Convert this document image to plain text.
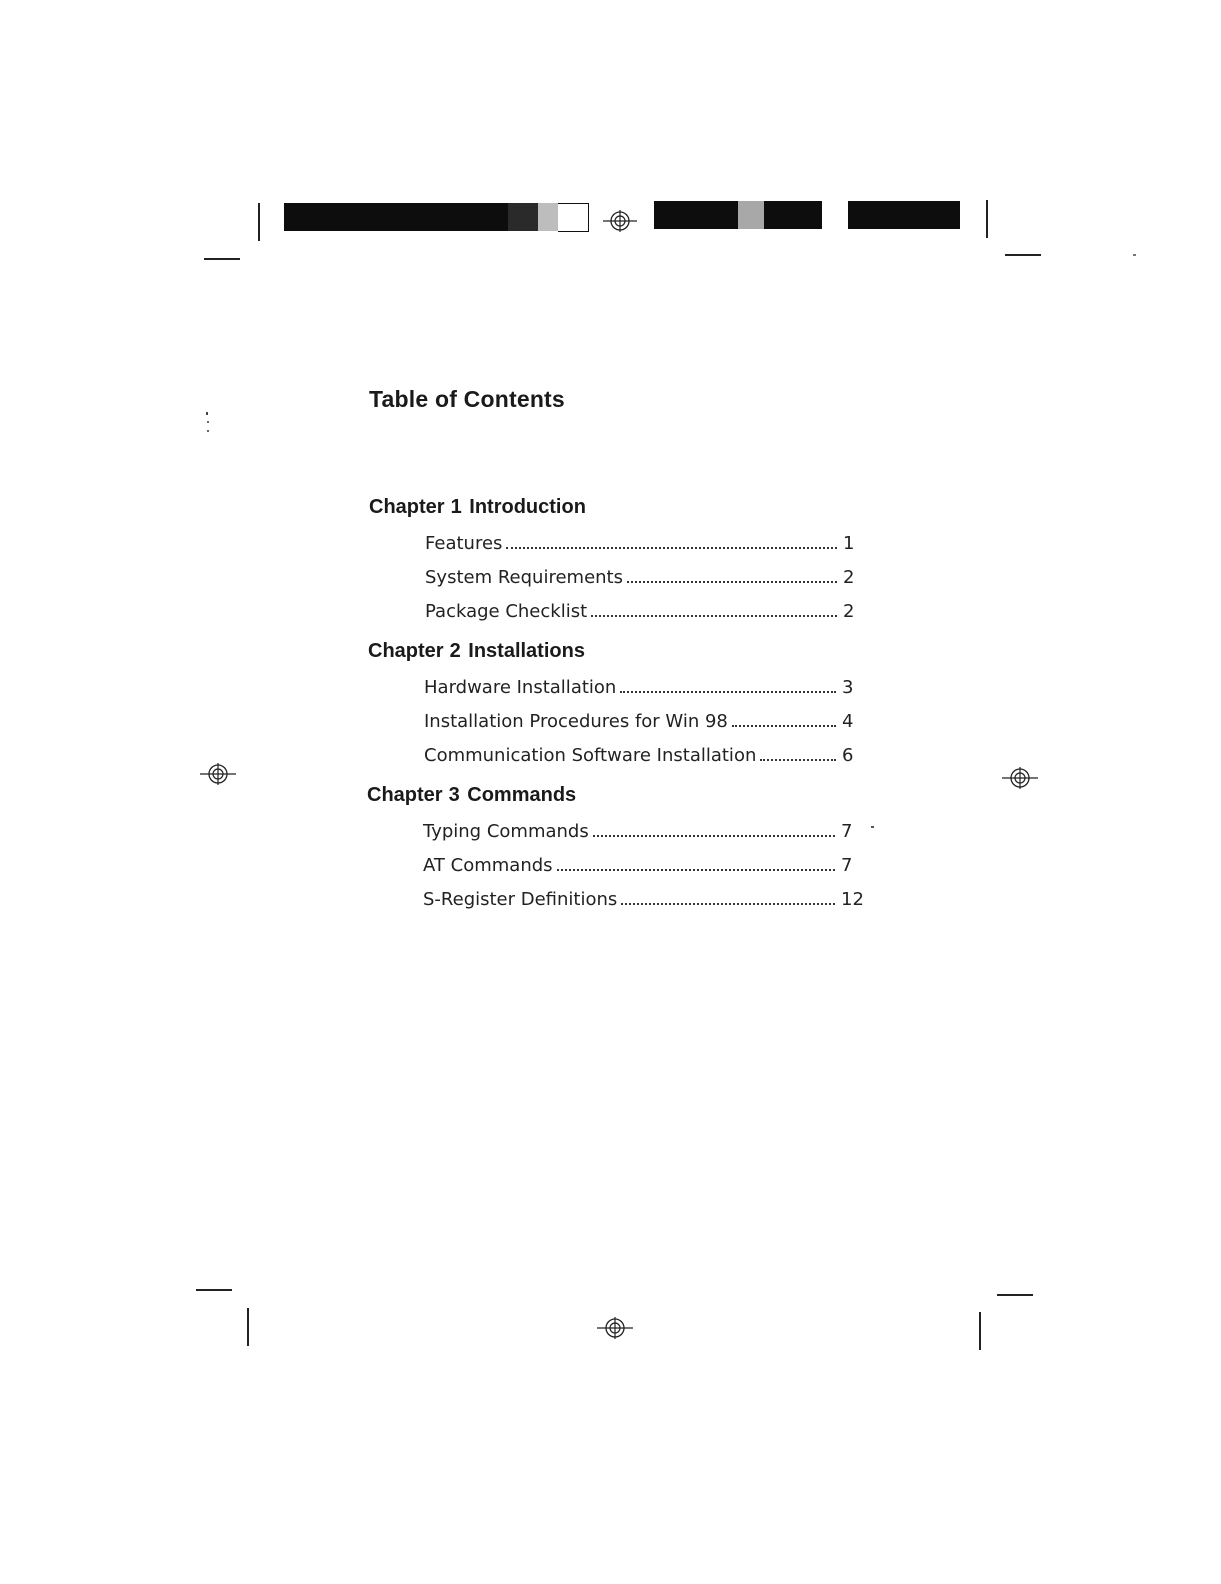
Table of Contents
Chapter 1 Introduction
Features	1
System Requirements	2
Package Checklist	2
Chapter 2 Installations
Hardware Installation	3
Installation Procedures for Win 98	4
Communication Software Installation	6
Chapter 3 Commands
Typing Commands	7
AT Commands	7
S-Register Definitions	12
